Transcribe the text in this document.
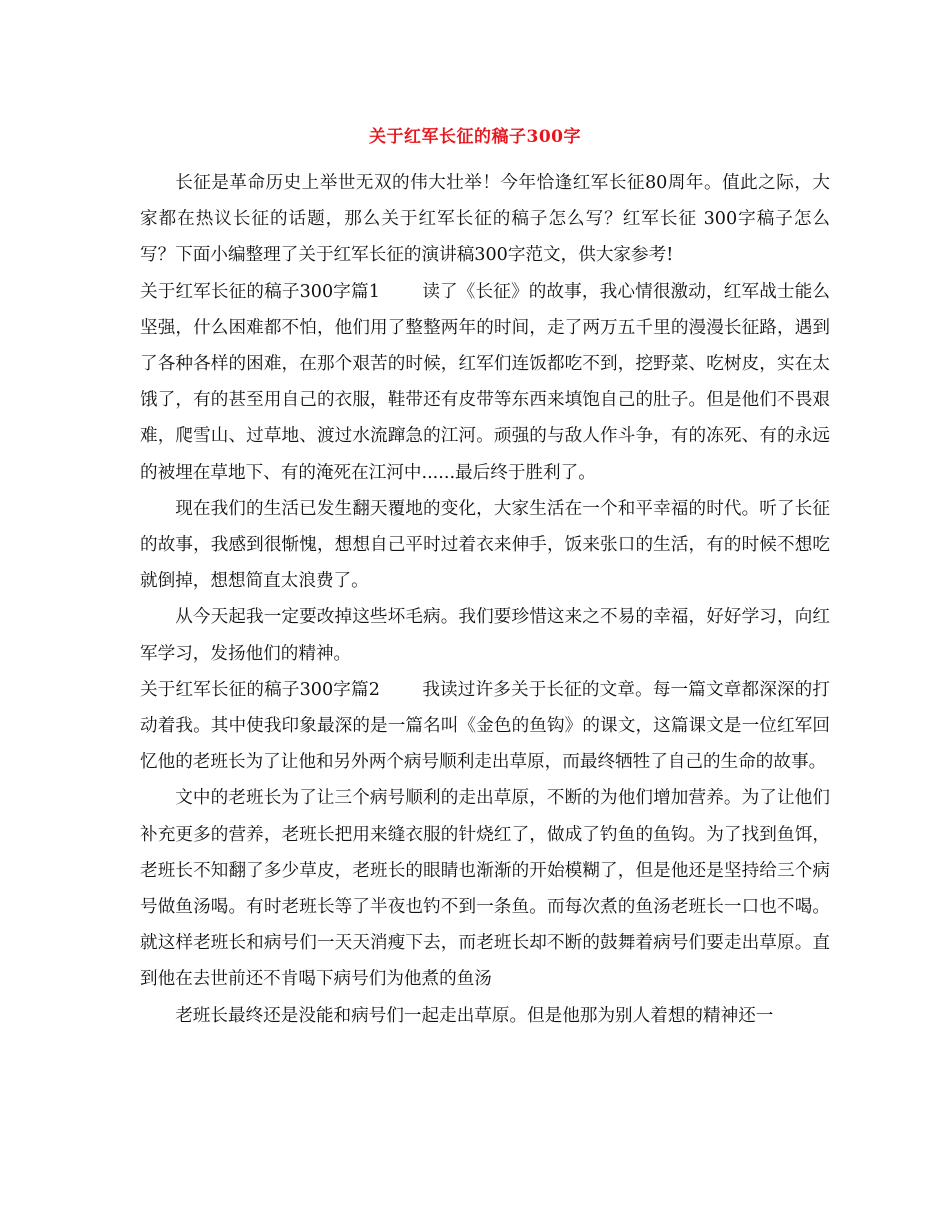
关于红军长征的稿子300字

长征是革命历史上举世无双的伟大壮举！今年恰逢红军长征80周年。值此之际，大家都在热议长征的话题，那么关于红军长征的稿子怎么写？红军长征 300字稿子怎么写？下面小编整理了关于红军长征的演讲稿300字范文，供大家参考!

关于红军长征的稿子300字篇1 读了《长征》的故事，我心情很激动，红军战士能么坚强，什么困难都不怕，他们用了整整两年的时间，走了两万五千里的漫漫长征路，遇到了各种各样的困难，在那个艰苦的时候，红军们连饭都吃不到，挖野菜、吃树皮，实在太饿了，有的甚至用自己的衣服，鞋带还有皮带等东西来填饱自己的肚子。但是他们不畏艰难，爬雪山、过草地、渡过水流蹿急的江河。顽强的与敌人作斗争，有的冻死、有的永远的被埋在草地下、有的淹死在江河中......最后终于胜利了。

现在我们的生活已发生翻天覆地的变化，大家生活在一个和平幸福的时代。听了长征的故事，我感到很惭愧，想想自己平时过着衣来伸手，饭来张口的生活，有的时候不想吃就倒掉，想想简直太浪费了。

从今天起我一定要改掉这些坏毛病。我们要珍惜这来之不易的幸福，好好学习，向红军学习，发扬他们的精神。

关于红军长征的稿子300字篇2 我读过许多关于长征的文章。每一篇文章都深深的打动着我。其中使我印象最深的是一篇名叫《金色的鱼钩》的课文，这篇课文是一位红军回忆他的老班长为了让他和另外两个病号顺利走出草原，而最终牺牲了自己的生命的故事。

文中的老班长为了让三个病号顺利的走出草原，不断的为他们增加营养。为了让他们补充更多的营养，老班长把用来缝衣服的针烧红了，做成了钓鱼的鱼钩。为了找到鱼饵，老班长不知翻了多少草皮，老班长的眼睛也渐渐的开始模糊了，但是他还是坚持给三个病号做鱼汤喝。有时老班长等了半夜也钓不到一条鱼。而每次煮的鱼汤老班长一口也不喝。就这样老班长和病号们一天天消瘦下去，而老班长却不断的鼓舞着病号们要走出草原。直到他在去世前还不肯喝下病号们为他煮的鱼汤

老班长最终还是没能和病号们一起走出草原。但是他那为别人着想的精神还一
